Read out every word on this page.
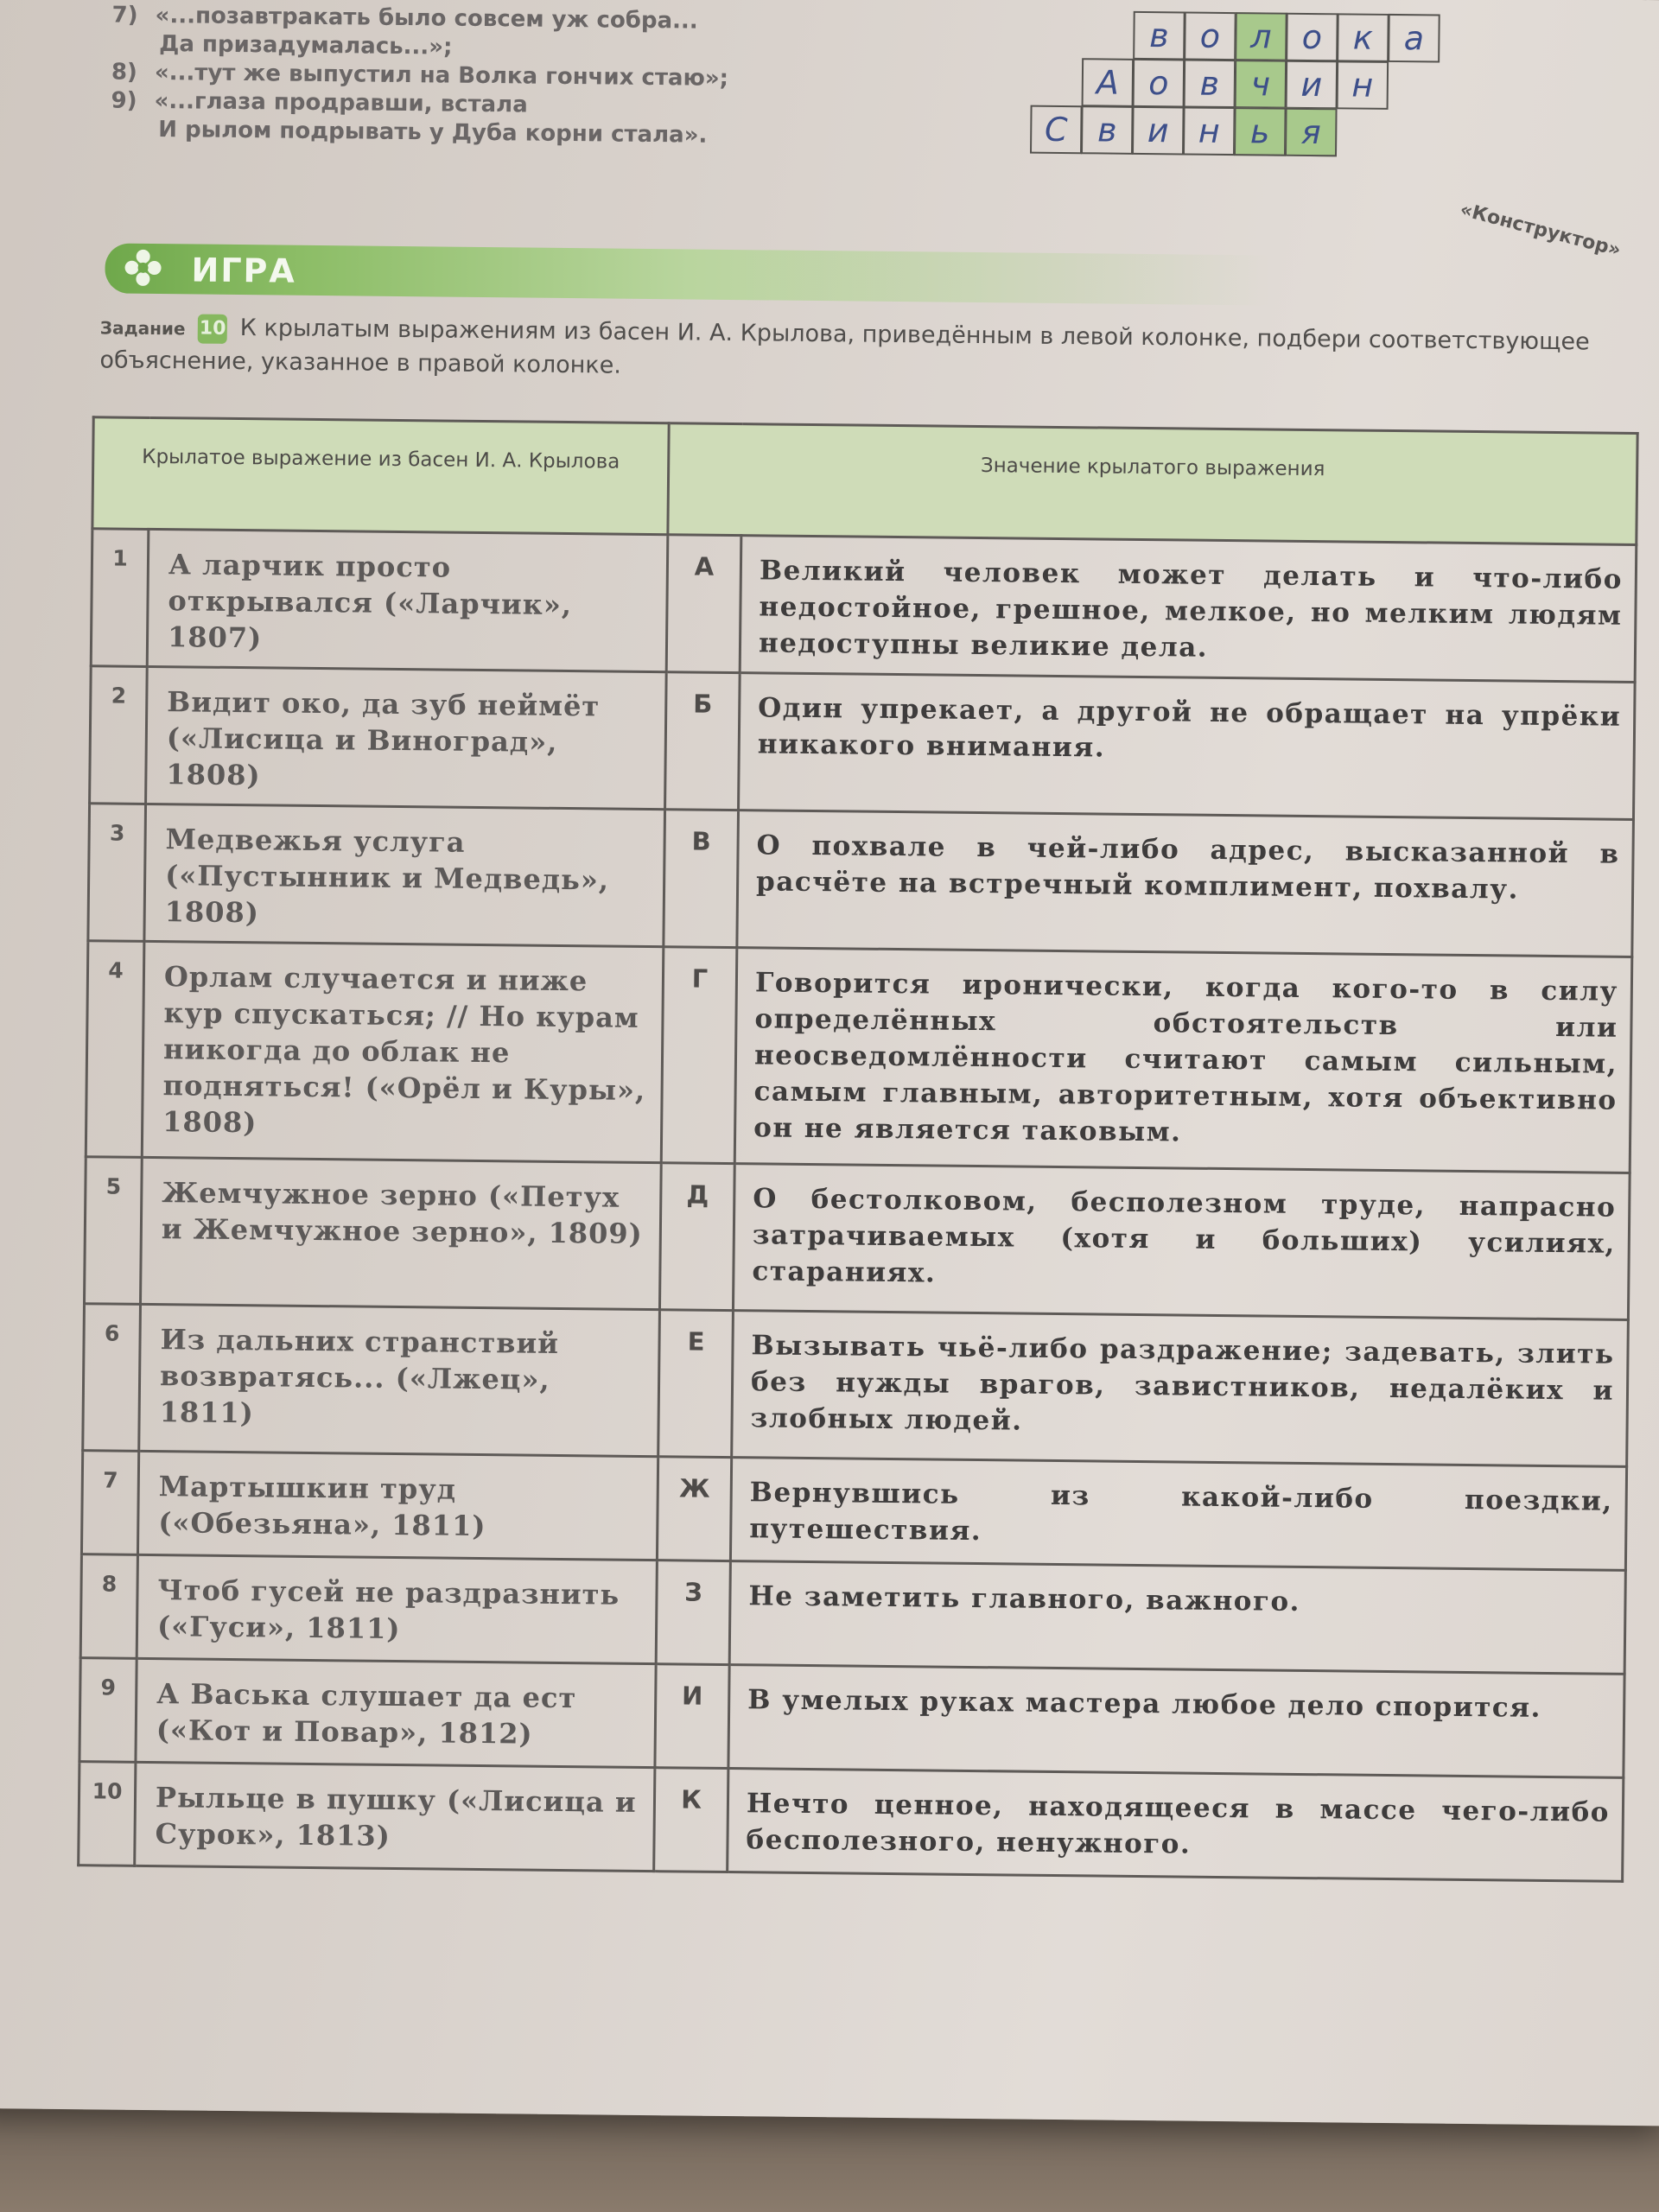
7) «...позавтракать было совсем уж собра...
Да призадумалась...»;
8) «...тут же выпустил на Волка гончих стаю»;
9) «...глаза продравши, встала
И рылом подрывать у Дуба корни стала».
в о л о к а
А о в ч и н
С в и н ь я
«Конструктор»
ИГРА
Задание 10 К крылатым выражениям из басен И. А. Крылова, приведённым в левой колонке, подбери соответствующее объяснение, указанное в правой колонке.
Крылатое выражение из басен И. А. Крылова		Значение крылатого выражения	
1	А ларчик просто открывался («Ларчик», 1807)	А	Великий человек может делать и что-либо недостойное, грешное, мелкое, но мелким людям недоступны великие дела.
2	Видит око, да зуб неймёт («Лисица и Виноград», 1808)	Б	Один упрекает, а другой не обращает на упрёки никакого внимания.
3	Медвежья услуга («Пустынник и Медведь», 1808)	В	О похвале в чей-либо адрес, высказанной в расчёте на встречный комплимент, похвалу.
4	Орлам случается и ниже кур спускаться; // Но курам никогда до облак не подняться! («Орёл и Куры», 1808)	Г	Говорится иронически, когда кого-то в силу определённых обстоятельств или неосведомлённости считают самым сильным, самым главным, авторитетным, хотя объективно он не является таковым.
5	Жемчужное зерно («Петух и Жемчужное зерно», 1809)	Д	О бестолковом, бесполезном труде, напрасно затрачиваемых (хотя и больших) усилиях, стараниях.
6	Из дальних странствий возвратясь... («Лжец», 1811)	Е	Вызывать чьё-либо раздражение; задевать, злить без нужды врагов, завистников, недалёких и злобных людей.
7	Мартышкин труд («Обезьяна», 1811)	Ж	Вернувшись из какой-либо поездки, путешествия.
8	Чтоб гусей не раздразнить («Гуси», 1811)	З	Не заметить главного, важного.
9	А Васька слушает да ест («Кот и Повар», 1812)	И	В умелых руках мастера любое дело спорится.
10	Рыльце в пушку («Лисица и Сурок», 1813)	К	Нечто ценное, находящееся в массе чего-либо бесполезного, ненужного.
